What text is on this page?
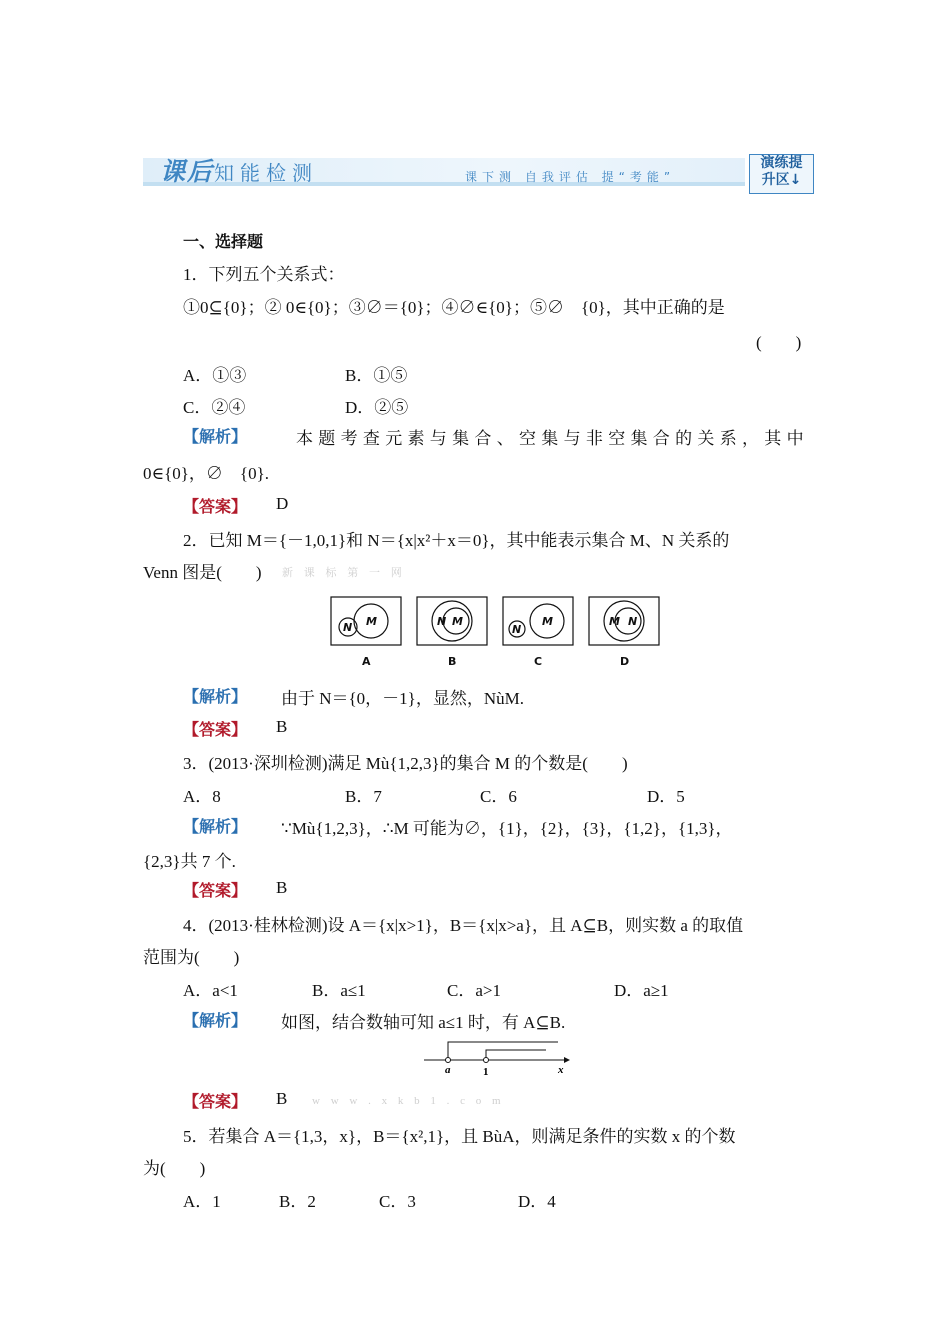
课后知能检测	课下测 自我评估 提“考能”
演练提
升区↓
一、选择题
1．下列五个关系式：
①0⊆{0}；② 0∈{0}；③∅＝{0}；④∅∈{0}；⑤∅　{0}，其中正确的是
(　　)
A．①③	B．①⑤
C．②④	D．②⑤
【解析】	本题考查元素与集合、空集与非空集合的关系，其中
0∈{0}，∅　{0}.
【答案】 D
2．已知 M＝{－1,0,1}和 N＝{x|x²＋x＝0}，其中能表示集合 M、N 关系的
Venn 图是(　　) 新 课 标 第 一 网
M
N
A
N M
B
M
N
C
M N
D
【解析】 由于 N＝{0，－1}，显然，NùM.
【答案】 B
3．(2013·深圳检测)满足 Mù{1,2,3}的集合 M 的个数是(　　)
A．8	B．7	C．6	D．5
【解析】 ∵Mù{1,2,3}，∴M 可能为∅，{1}，{2}，{3}，{1,2}，{1,3}，
{2,3}共 7 个.
【答案】 B
4．(2013·桂林检测)设 A＝{x|x>1}，B＝{x|x>a}，且 A⊆B，则实数 a 的取值
范围为(　　)
A．a<1	B．a≤1	C．a>1	D．a≥1
【解析】 如图，结合数轴可知 a≤1 时，有 A⊆B.
a	1	x
【答案】 B w w w . x k b 1 . c o m
5．若集合 A＝{1,3，x}，B＝{x²,1}，且 BùA，则满足条件的实数 x 的个数
为(　　)
A．1	B．2	C．3	D．4
